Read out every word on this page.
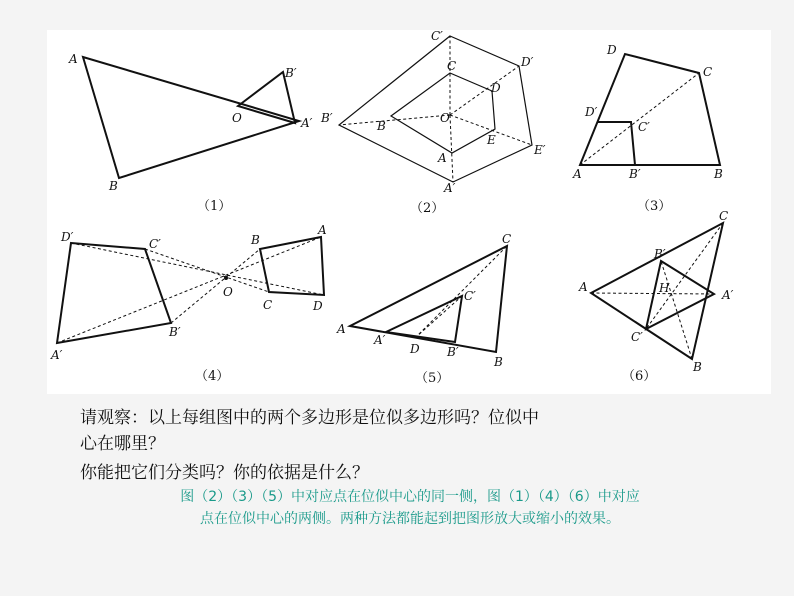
A
B
O
B′
A′
（1）
C′
C	D′
D
B′
B
O
E
E′
A
A′
（2）
D
C
D′
C′
A	B′	B
（3）
D′	C′
A′
B′
O
B
A
C	D
（4）
C
C′
A
A′
D B′
B
（5）
C
B′
H
A
A′
C′
B
（6）
请观察：以上每组图中的两个多边形是位似多边形吗？位似中
心在哪里？
你能把它们分类吗？你的依据是什么？
图（2）（3）（5）中对应点在位似中心的同一侧，图（1）（4）（6）中对应
点在位似中心的两侧。两种方法都能起到把图形放大或缩小的效果。
